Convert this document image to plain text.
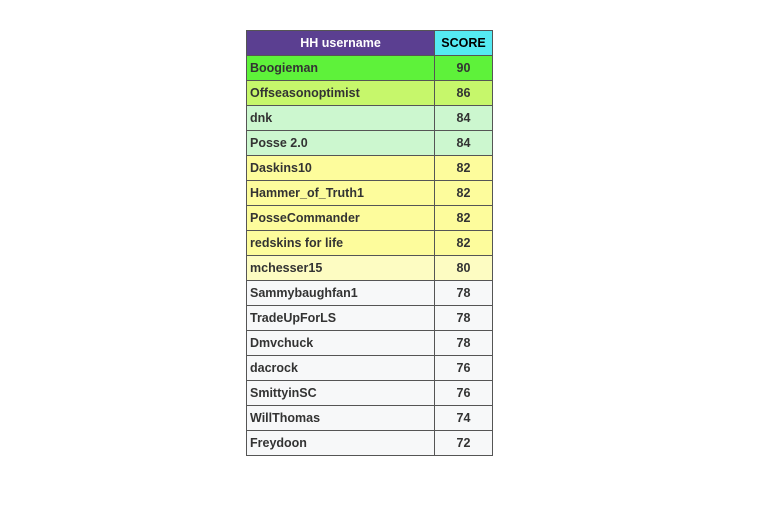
HH username	SCORE
Boogieman	90
Offseasonoptimist	86
dnk	84
Posse 2.0	84
Daskins10	82
Hammer_of_Truth1	82
PosseCommander	82
redskins for life	82
mchesser15	80
Sammybaughfan1	78
TradeUpForLS	78
Dmvchuck	78
dacrock	76
SmittyinSC	76
WillThomas	74
Freydoon	72
